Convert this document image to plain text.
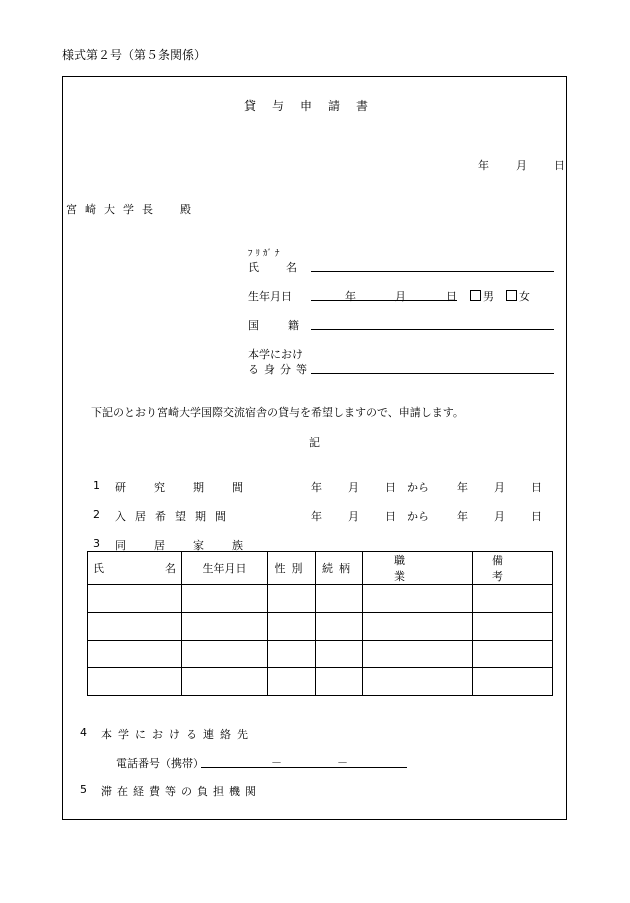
様式第２号（第５条関係）
貸　与　申　請　書
年 月 日
宮崎大学長　殿
ﾌﾘｶﾞﾅ
氏名
生年月日	年	月	日	男	女
国籍
本学におけ
る身分等
下記のとおり宮崎大学国際交流宿舎の貸与を希望しますので、申請します。
記
1 研究期間	年 月 日 から	年 月 日
2 入居希望期間	年 月 日 から	年 月 日
3 同居家族
氏 名	生年月日	性別	続柄	職業	備考

4 本学における連絡先
電話番号（携帯）	－	－
5 滞在経費等の負担機関
